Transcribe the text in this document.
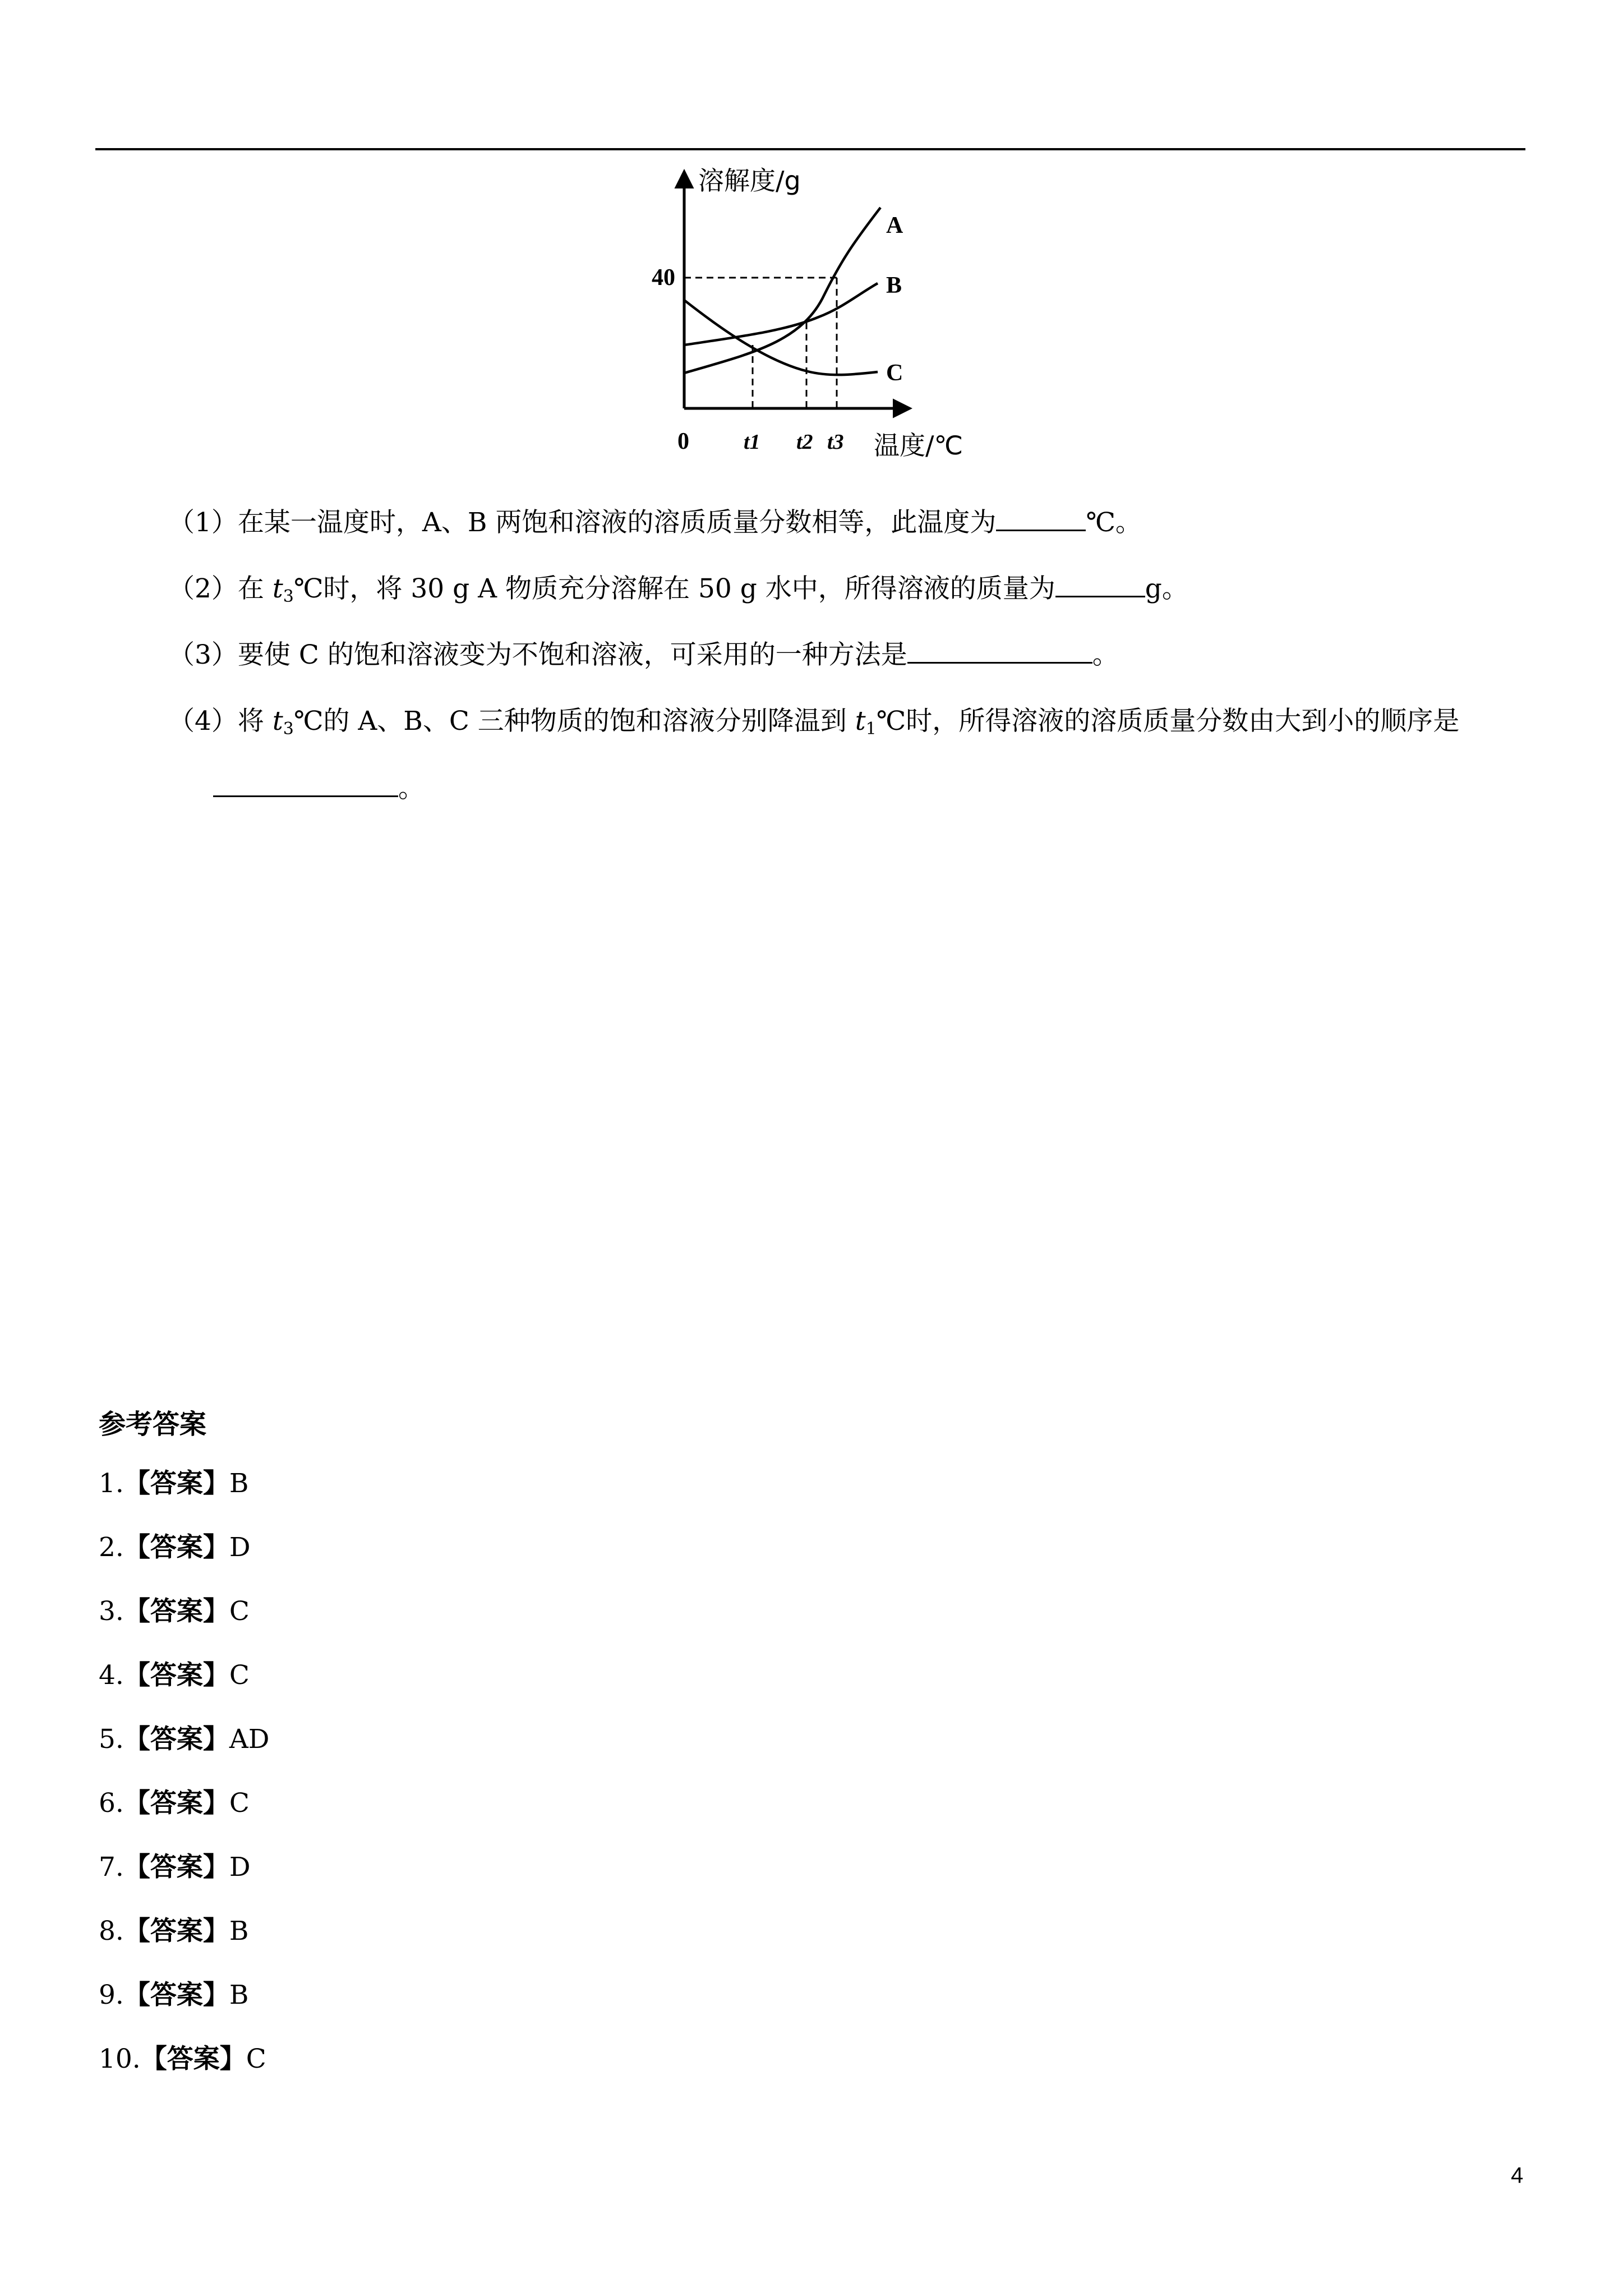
溶解度/g
温度/℃
0
40
t1 t2 t3
A
B
C
（1）在某一温度时，A、B 两饱和溶液的溶质质量分数相等，此温度为	℃。
（2）在 $t_3℃$时，将 30 g A 物质充分溶解在 50 g 水中，所得溶液的质量为	g。
（3）要使 C 的饱和溶液变为不饱和溶液，可采用的一种方法是	。
（4）将 $t_3℃$的 A、B、C 三种物质的饱和溶液分别降温到 $t_1℃$时，所得溶液的溶质质量分数由大到小的顺序是
。
参考答案
1.【答案】B
2.【答案】D
3.【答案】C
4.【答案】C
5.【答案】AD
6.【答案】C
7.【答案】D
8.【答案】B
9.【答案】B
10.【答案】C
4
